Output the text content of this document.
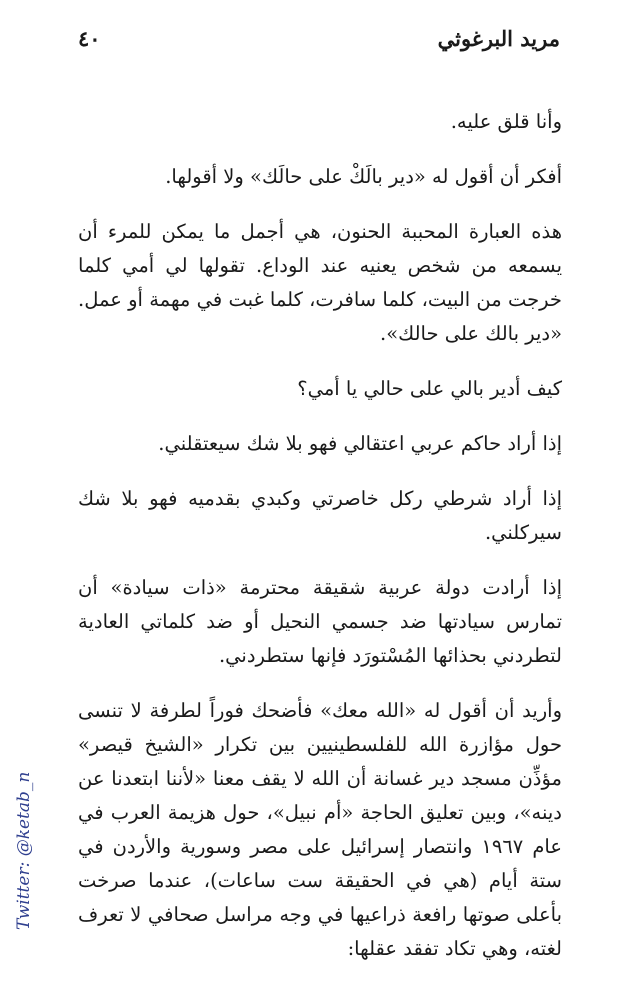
مريد البرغوثي
٤٠

وأنا قلق عليه.

أفكر أن أقول له «دير بالَكْ على حالَك» ولا أقولها.

هذه العبارة المحببة الحنون، هي أجمل ما يمكن للمرء أن يسمعه من شخص يعنيه عند الوداع. تقولها لي أمي كلما خرجت من البيت، كلما سافرت، كلما غبت في مهمة أو عمل. «دير بالك على حالك».

كيف أدير بالي على حالي يا أمي؟

إذا أراد حاكم عربي اعتقالي فهو بلا شك سيعتقلني.

إذا أراد شرطي ركل خاصرتي وكبدي بقدميه فهو بلا شك سيركلني.

إذا أرادت دولة عربية شقيقة محترمة «ذات سيادة» أن تمارس سيادتها ضد جسمي النحيل أو ضد كلماتي العادية لتطردني بحذائها المُسْتورَد فإنها ستطردني.

وأريد أن أقول له «الله معك» فأضحك فوراً لطرفة لا تنسى حول مؤازرة الله للفلسطينيين بين تكرار «الشيخ قيصر» مؤذِّن مسجد دير غسانة أن الله لا يقف معنا «لأننا ابتعدنا عن دينه»، وبين تعليق الحاجة «أم نبيل»، حول هزيمة العرب في عام ١٩٦٧ وانتصار إسرائيل على مصر وسورية والأردن في ستة أيام (هي في الحقيقة ست ساعات)، عندما صرخت بأعلى صوتها رافعة ذراعيها في وجه مراسل صحافي لا تعرف لغته، وهي تكاد تفقد عقلها:

Twitter: @ketab_n
